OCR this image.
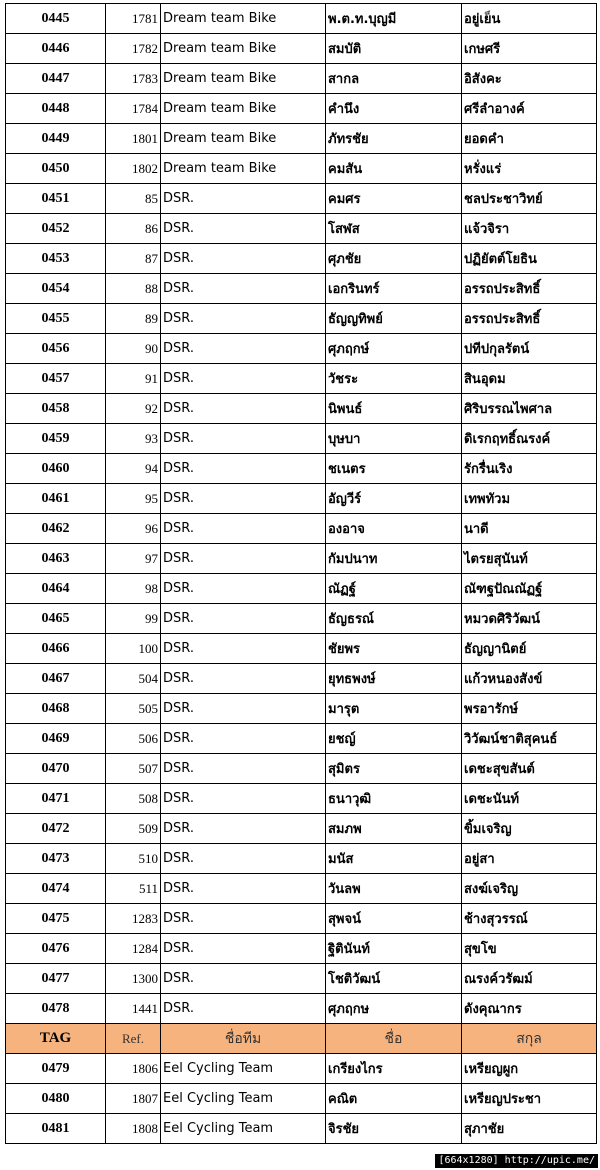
0445	1781	Dream team Bike	พ.ต.ท.บุญมี	อยู่เย็น
0446	1782	Dream team Bike	สมบัติ	เกษศรี
0447	1783	Dream team Bike	สากล	อิสังคะ
0448	1784	Dream team Bike	คำนึง	ศรีลำอางค์
0449	1801	Dream team Bike	ภัทรชัย	ยอดคำ
0450	1802	Dream team Bike	คมสัน	หรั่งแร่
0451	85	DSR.	คมศร	ชลประชาวิทย์
0452	86	DSR.	โสฬส	แจ้วจิรา
0453	87	DSR.	ศุภชัย	ปฏิยัตต์โยธิน
0454	88	DSR.	เอกรินทร์	อรรถประสิทธิ์
0455	89	DSR.	ธัญญทิพย์	อรรถประสิทธิ์
0456	90	DSR.	ศุภฤกษ์	ปทีปกุลรัตน์
0457	91	DSR.	วัชระ	สินอุดม
0458	92	DSR.	นิพนธ์	ศิริบรรณไพศาล
0459	93	DSR.	บุษบา	ดิเรกฤทธิ์ณรงค์
0460	94	DSR.	ชเนตร	รักรื่นเริง
0461	95	DSR.	อัญวีร์	เทพทัวม
0462	96	DSR.	องอาจ	นาดี
0463	97	DSR.	กัมปนาท	ไตรยสุนันท์
0464	98	DSR.	ณัฏฐ์	ณัฑฐปัณณัฏฐ์
0465	99	DSR.	ธัญธรณ์	หมวดศิริวัฒน์
0466	100	DSR.	ชัยพร	ธัญญานิตย์
0467	504	DSR.	ยุทธพงษ์	แก้วหนองสังข์
0468	505	DSR.	มารุต	พรอารักษ์
0469	506	DSR.	ยชญ์	วิวัฒน์ชาติสุคนธ์
0470	507	DSR.	สุมิตร	เดชะสุขสันต์
0471	508	DSR.	ธนาวุฒิ	เดชะนันท์
0472	509	DSR.	สมภพ	ขิ้มเจริญ
0473	510	DSR.	มนัส	อยู่สา
0474	511	DSR.	วันลพ	สงฆ์เจริญ
0475	1283	DSR.	สุพจน์	ช้างสุวรรณ์
0476	1284	DSR.	ฐิตินันท์	สุขโข
0477	1300	DSR.	โชติวัฒน์	ณรงค์วรัฒม์
0478	1441	DSR.	ศุภฤกษ	ดังคุณากร
TAG	Ref.	ชื่อทีม	ชื่อ	สกุล
0479	1806	Eel Cycling Team	เกรียงไกร	เหรียญผูก
0480	1807	Eel Cycling Team	คณิต	เหรียญประชา
0481	1808	Eel Cycling Team	จิรชัย	สุภาชัย
[664x1280] http://upic.me/
